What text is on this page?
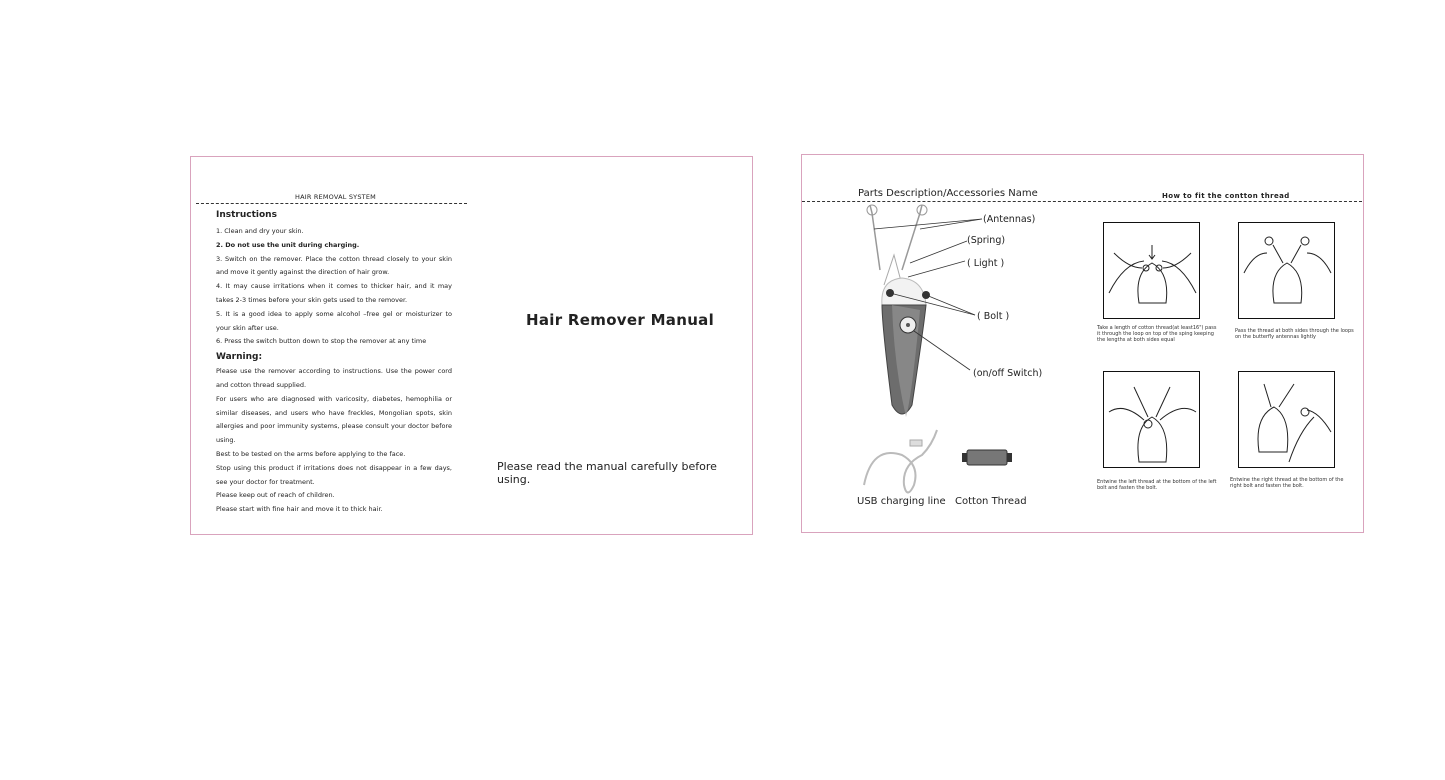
HAIR REMOVAL SYSTEM
Instructions

1. Clean and dry your skin.

2. Do not use the unit during charging.

3. Switch on the remover. Place the cotton thread closely to your skin and move it gently against the direction of hair grow.

4. It may cause irritations when it comes to thicker hair, and it may takes 2-3 times before your skin gets used to the remover.

5. It is a good idea to apply some alcohol –free gel or moisturizer to your skin after use.

6. Press the switch button down to stop the remover at any time

Warning:

Please use the remover according to instructions. Use the power cord and cotton thread supplied.

For users who are diagnosed with varicosity, diabetes, hemophilia or similar diseases, and users who have freckles, Mongolian spots, skin allergies and poor immunity systems, please consult your doctor before using.

Best to be tested on the arms before applying to the face.

Stop using this product if irritations does not disappear in a few days, see your doctor for treatment.

Please keep out of reach of children.

Please start with fine hair and move it to thick hair.

Hair Remover Manual
Please read the manual carefully before using.
Parts Description/Accessories Name	How to fit the contton thread
(Antennas)
(Spring)
( Light )
( Bolt )
(on/off Switch)
USB charging line Cotton Thread
Take a length of cotton thread(at least16") pass it through the loop on top of the sping keeping the lengths at both sides equal
Pass the thread at both sides through the loops on the butterfly antennas lightly
Entwine the left thread at the bottom of the left bolt and fasten the bolt.
Entwine the right thread at the bottom of the right bolt and fasten the bolt.
